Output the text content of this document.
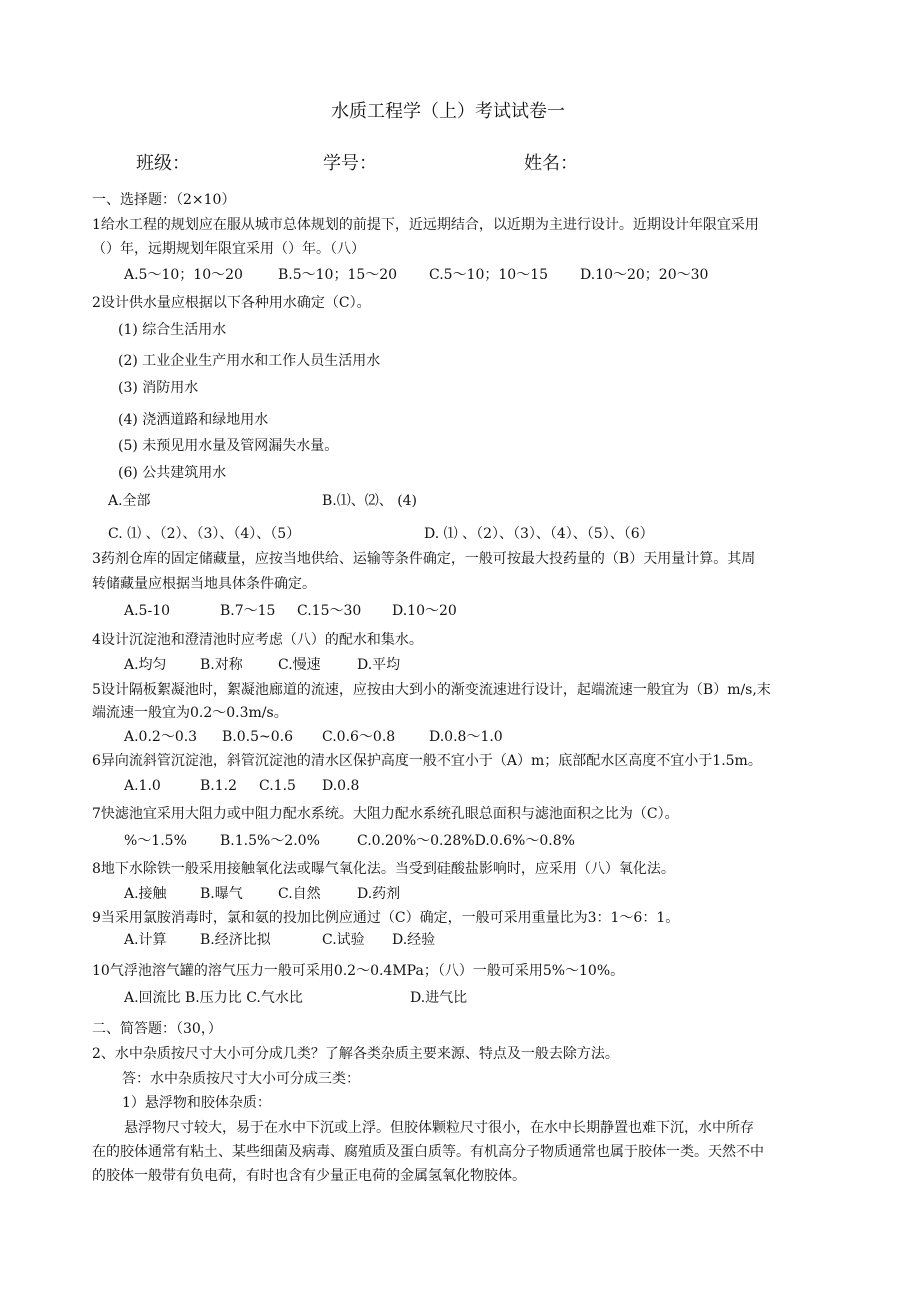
水质工程学（上）考试试卷一
班级：	学号：	姓名：
一、选择题：（2×10）
1给水工程的规划应在服从城市总体规划的前提下，近远期结合，以近期为主进行设计。近期设计年限宜采用
（）年，远期规划年限宜采用（）年。（八）
A.5～10；10～20	B.5～10；15～20 C.5～10；10～15 D.10～20；20～30
2设计供水量应根据以下各种用水确定（C）。
(1) 综合生活用水
(2) 工业企业生产用水和工作人员生活用水
(3) 消防用水
(4) 浇洒道路和绿地用水
(5) 未预见用水量及管网漏失水量。
(6) 公共建筑用水
A.全部	B.⑴、⑵、 (4)
C. ⑴ 、（2）、（3）、（4）、（5）	D. ⑴ 、（2）、（3）、（4）、（5）、（6）
3药剂仓库的固定储藏量，应按当地供给、运输等条件确定，一般可按最大投药量的（B）天用量计算。其周
转储藏量应根据当地具体条件确定。
A.5-10	B.7～15 C.15～30 D.10～20
4设计沉淀池和澄清池时应考虑（八）的配水和集水。
A.均匀 B.对称	C.慢速	D.平均
5设计隔板絮凝池时，絮凝池廊道的流速，应按由大到小的渐变流速进行设计，起端流速一般宜为（B）m∕s,末
端流速一般宜为0.2～0.3m/s。
A.0.2～0.3 B.0.5~0.6 C.0.6～0.8 D.0.8～1.0
6异向流斜管沉淀池，斜管沉淀池的清水区保护高度一般不宜小于（A）m；底部配水区高度不宜小于1.5m。
A.1.0	B.1.2 C.1.5 D.0.8
7快滤池宜采用大阻力或中阻力配水系统。大阻力配水系统孔眼总面积与滤池面积之比为（C）。
%～1.5% B.1.5%～2.0%	C.0.20%～0.28%D.0.6%～0.8%
8地下水除铁一般采用接触氧化法或曝气氧化法。当受到硅酸盐影响时，应采用（八）氧化法。
A.接触 B.曝气	C.自然	D.药剂
9当采用氯胺消毒时，氯和氨的投加比例应通过（C）确定，一般可采用重量比为3：1～6：1。
A.计算 B.经济比拟	C.试验 D.经验
10气浮池溶气罐的溶气压力一般可采用0.2～0.4MPa；（八）一般可采用5%～10%。
A.回流比 B.压力比 C.气水比	D.进气比
二、简答题：（30，）
2、水中杂质按尺寸大小可分成几类？了解各类杂质主要来源、特点及一般去除方法。
答：水中杂质按尺寸大小可分成三类：
1）悬浮物和胶体杂质：
悬浮物尺寸较大，易于在水中下沉或上浮。但胶体颗粒尺寸很小，在水中长期静置也难下沉，水中所存
在的胶体通常有粘土、某些细菌及病毒、腐殖质及蛋白质等。有机高分子物质通常也属于胶体一类。天然不中
的胶体一般带有负电荷，有时也含有少量正电荷的金属氢氧化物胶体。
